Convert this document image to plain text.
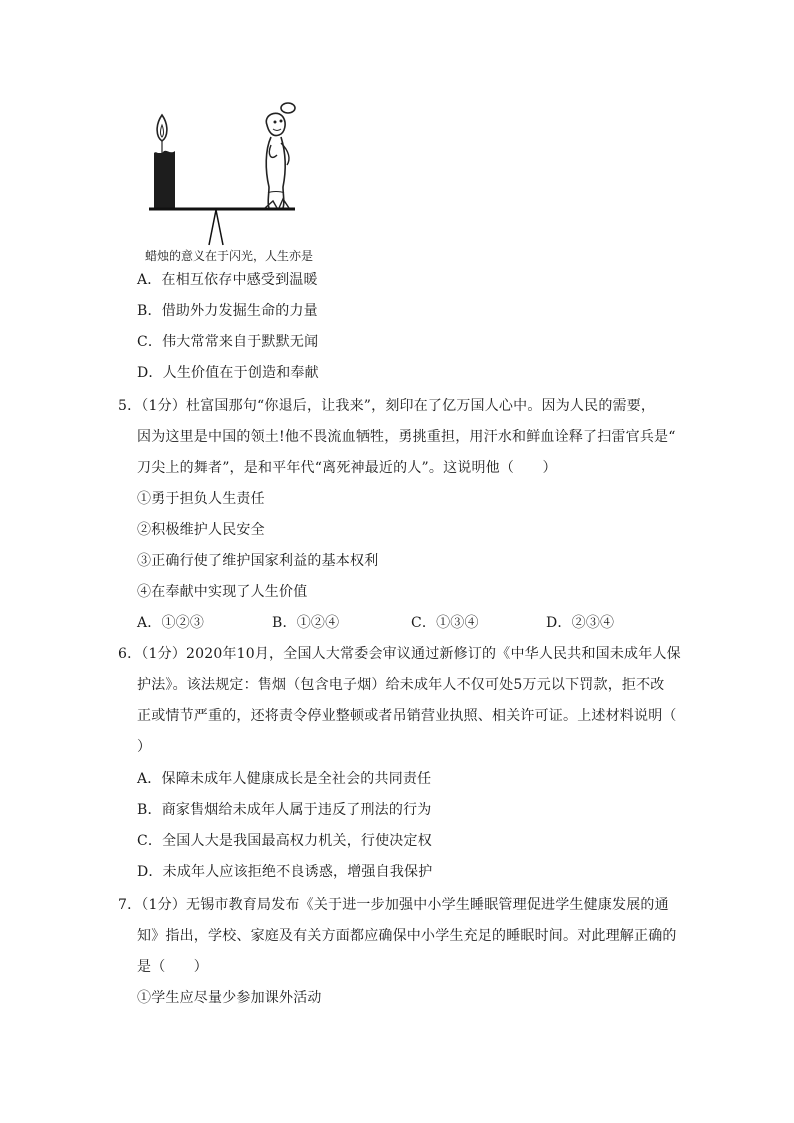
蜡烛的意义在于闪光，人生亦是
A．在相互依存中感受到温暖
B．借助外力发掘生命的力量
C．伟大常常来自于默默无闻
D．人生价值在于创造和奉献
5．（1分）杜富国那句“你退后，让我来”，刻印在了亿万国人心中。因为人民的需要，
因为这里是中国的领土!他不畏流血牺牲，勇挑重担，用汗水和鲜血诠释了扫雷官兵是“
刀尖上的舞者”，是和平年代“离死神最近的人”。这说明他（　　）
①勇于担负人生责任
②积极维护人民安全
③正确行使了维护国家利益的基本权利
④在奉献中实现了人生价值
A．①②③	B．①②④	C．①③④	D．②③④
6．（1分）2020年10月，全国人大常委会审议通过新修订的《中华人民共和国未成年人保
护法》。该法规定：售烟（包含电子烟）给未成年人不仅可处5万元以下罚款，拒不改
正或情节严重的，还将责令停业整顿或者吊销营业执照、相关许可证。上述材料说明（
）
A．保障未成年人健康成长是全社会的共同责任
B．商家售烟给未成年人属于违反了刑法的行为
C．全国人大是我国最高权力机关，行使决定权
D．未成年人应该拒绝不良诱惑，增强自我保护
7．（1分）无锡市教育局发布《关于进一步加强中小学生睡眠管理促进学生健康发展的通
知》指出，学校、家庭及有关方面都应确保中小学生充足的睡眠时间。对此理解正确的
是（　　）
①学生应尽量少参加课外活动
